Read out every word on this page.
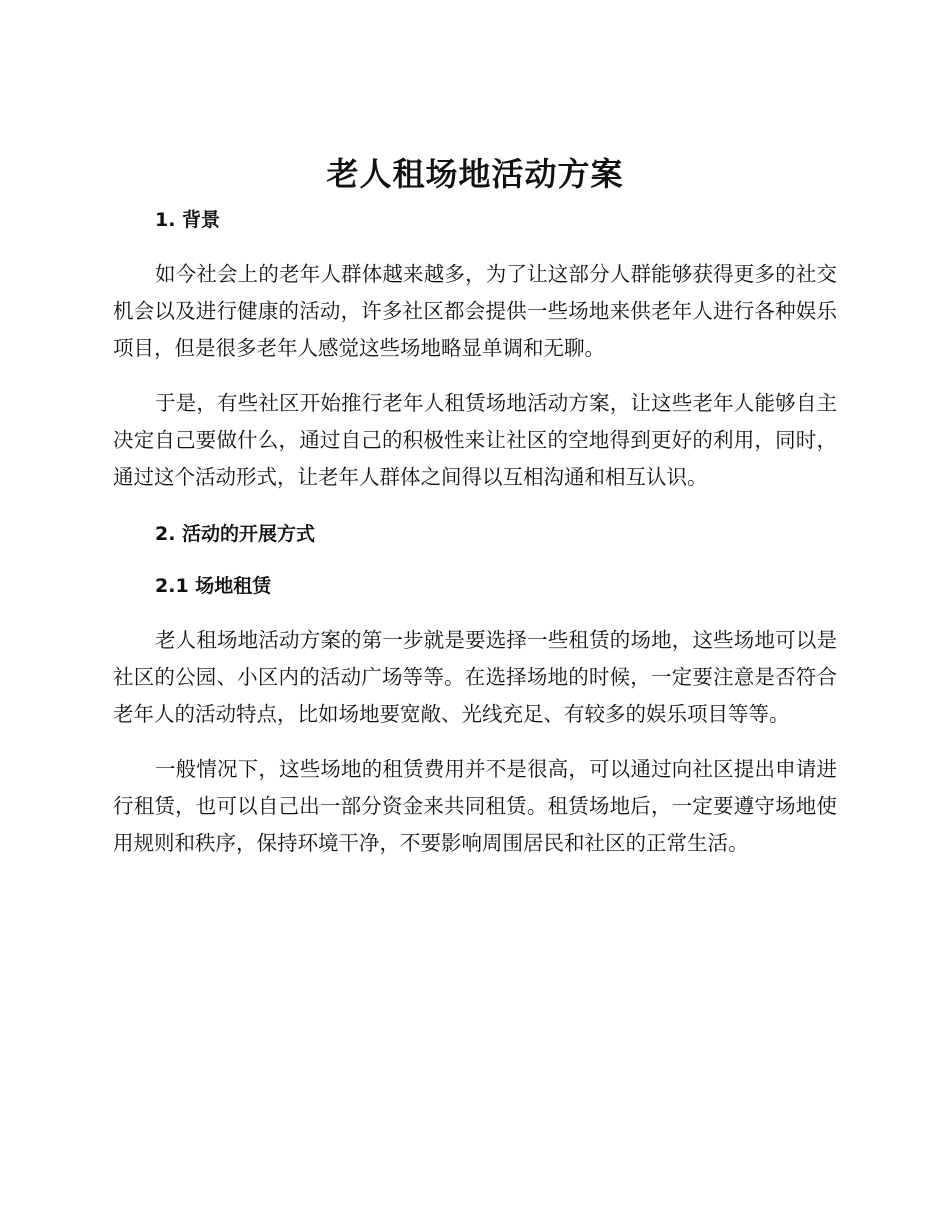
老人租场地活动方案
1. 背景

如今社会上的老年人群体越来越多，为了让这部分人群能够获得更多的社交机会以及进行健康的活动，许多社区都会提供一些场地来供老年人进行各种娱乐项目，但是很多老年人感觉这些场地略显单调和无聊。

于是，有些社区开始推行老年人租赁场地活动方案，让这些老年人能够自主决定自己要做什么，通过自己的积极性来让社区的空地得到更好的利用，同时，通过这个活动形式，让老年人群体之间得以互相沟通和相互认识。

2. 活动的开展方式
2.1 场地租赁

老人租场地活动方案的第一步就是要选择一些租赁的场地，这些场地可以是社区的公园、小区内的活动广场等等。在选择场地的时候，一定要注意是否符合老年人的活动特点，比如场地要宽敞、光线充足、有较多的娱乐项目等等。

一般情况下，这些场地的租赁费用并不是很高，可以通过向社区提出申请进行租赁，也可以自己出一部分资金来共同租赁。租赁场地后，一定要遵守场地使用规则和秩序，保持环境干净，不要影响周围居民和社区的正常生活。
